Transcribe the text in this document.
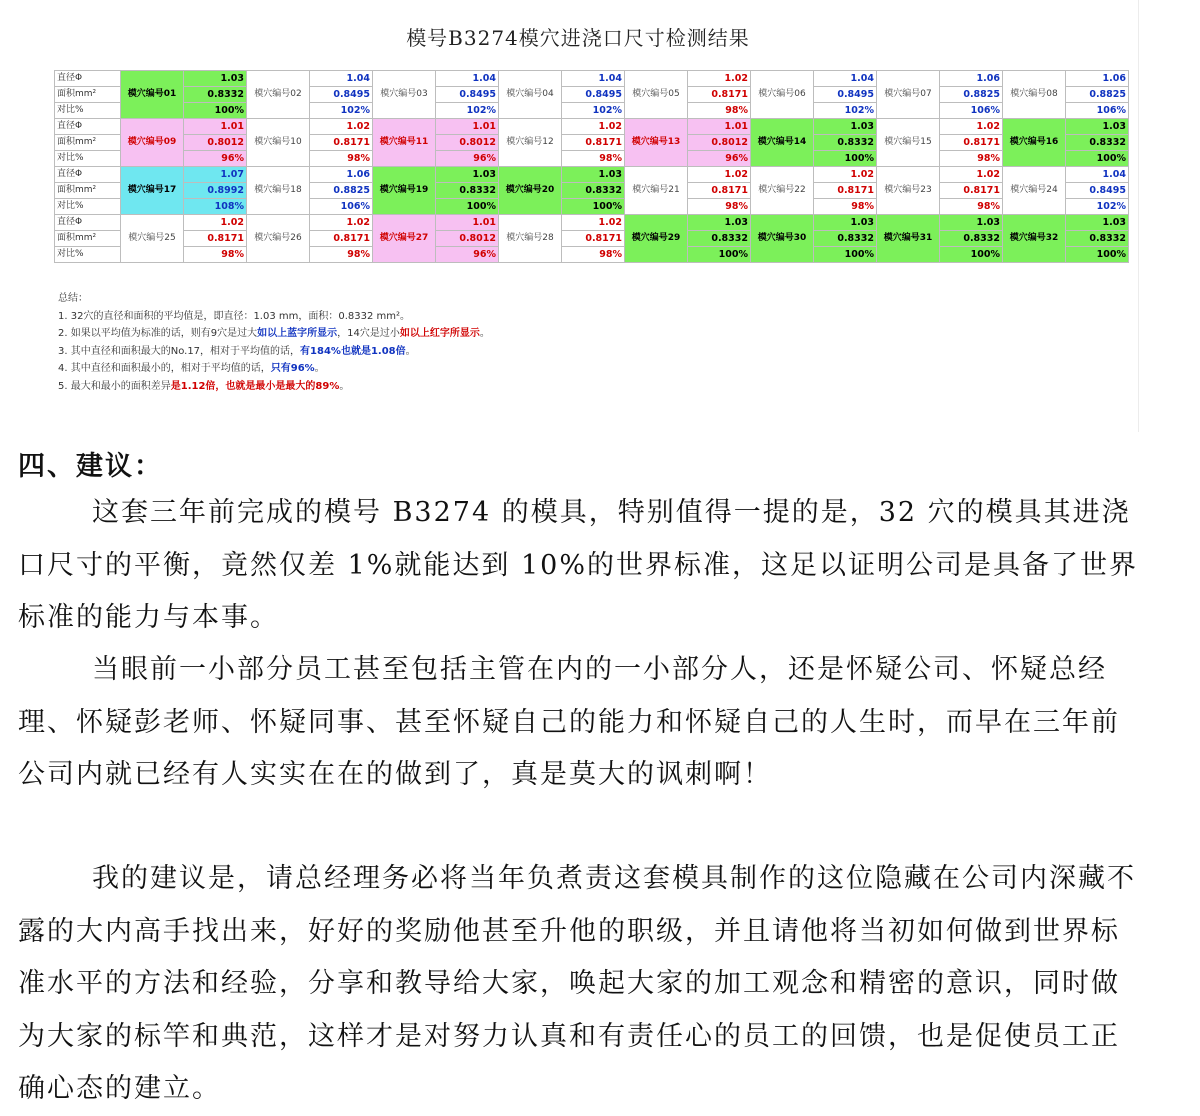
模号B3274模穴进浇口尺寸检测结果
直径Φ	模穴编号01	1.03	模穴编号02	1.04	模穴编号03	1.04	模穴编号04	1.04	模穴编号05	1.02	模穴编号06	1.04	模穴编号07	1.06	模穴编号08	1.06
面积mm²		0.8332		0.8495		0.8495		0.8495		0.8171		0.8495		0.8825		0.8825
对比%		100%		102%		102%		102%		98%		102%		106%		106%
直径Φ	模穴编号09	1.01	模穴编号10	1.02	模穴编号11	1.01	模穴编号12	1.02	模穴编号13	1.01	模穴编号14	1.03	模穴编号15	1.02	模穴编号16	1.03
面积mm²		0.8012		0.8171		0.8012		0.8171		0.8012		0.8332		0.8171		0.8332
对比%		96%		98%		96%		98%		96%		100%		98%		100%
直径Φ	模穴编号17	1.07	模穴编号18	1.06	模穴编号19	1.03	模穴编号20	1.03	模穴编号21	1.02	模穴编号22	1.02	模穴编号23	1.02	模穴编号24	1.04
面积mm²		0.8992		0.8825		0.8332		0.8332		0.8171		0.8171		0.8171		0.8495
对比%		108%		106%		100%		100%		98%		98%		98%		102%
直径Φ	模穴编号25	1.02	模穴编号26	1.02	模穴编号27	1.01	模穴编号28	1.02	模穴编号29	1.03	模穴编号30	1.03	模穴编号31	1.03	模穴编号32	1.03
面积mm²		0.8171		0.8171		0.8012		0.8171		0.8332		0.8332		0.8332		0.8332
对比%		98%		98%		96%		98%		100%		100%		100%		100%
总结：
1. 32穴的直径和面积的平均值是，即直径：1.03 mm，面积：0.8332 mm²。
2. 如果以平均值为标准的话，则有9穴是过大如以上蓝字所显示，14穴是过小如以上红字所显示。
3. 其中直径和面积最大的No.17，相对于平均值的话，有184%也就是1.08倍。
4. 其中直径和面积最小的，相对于平均值的话，只有96%。
5. 最大和最小的面积差异是1.12倍，也就是最小是最大的89%。
四、建议：

这套三年前完成的模号 B3274 的模具，特别值得一提的是，32 穴的模具其进浇口尺寸的平衡，竟然仅差 1%就能达到 10%的世界标准，这足以证明公司是具备了世界标准的能力与本事。

当眼前一小部分员工甚至包括主管在内的一小部分人，还是怀疑公司、怀疑总经理、怀疑彭老师、怀疑同事、甚至怀疑自己的能力和怀疑自己的人生时，而早在三年前公司内就已经有人实实在在的做到了，真是莫大的讽刺啊！

我的建议是，请总经理务必将当年负煮责这套模具制作的这位隐藏在公司内深藏不露的大内高手找出来，好好的奖励他甚至升他的职级，并且请他将当初如何做到世界标准水平的方法和经验，分享和教导给大家，唤起大家的加工观念和精密的意识，同时做为大家的标竿和典范，这样才是对努力认真和有责任心的员工的回馈，也是促使员工正确心态的建立。
